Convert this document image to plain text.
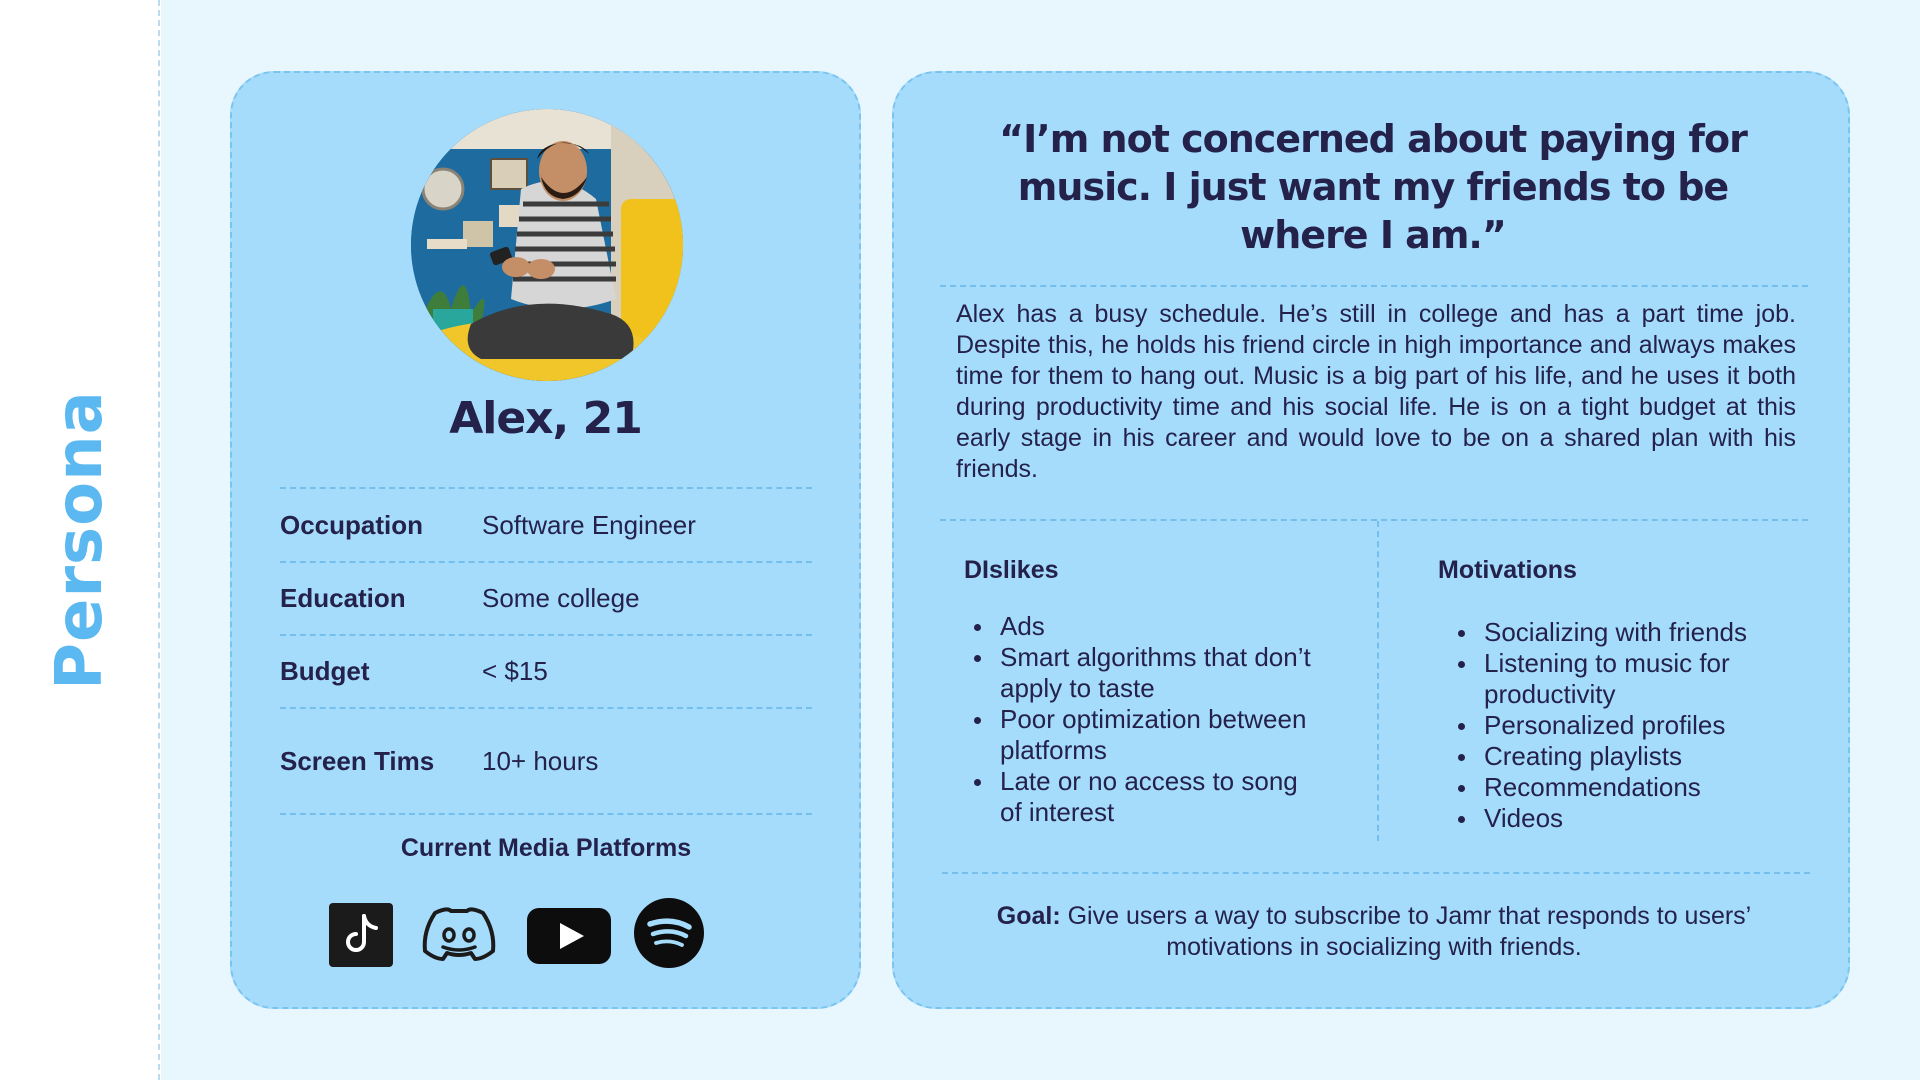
Persona	Alex, 21
Occupation	Software Engineer
Education	Some college
Budget	< $15
Screen Tims	10+ hours
Current Media Platforms
“I’m not concerned about paying for
music. I just want my friends to be
where I am.”
Alex has a busy schedule. He’s still in college and has a part time job. Despite this, he holds his friend circle in high importance and always makes time for them to hang out. Music is a big part of his life, and he uses it both during productivity time and his social life. He is on a tight budget at this early stage in his career and would love to be on a shared plan with his friends.
DIslikes
Ads
Smart algorithms that don’t apply to taste
Poor optimization between platforms
Late or no access to song of interest
Motivations
Socializing with friends
Listening to music for productivity
Personalized profiles
Creating playlists
Recommendations
Videos
Goal: Give users a way to subscribe to Jamr that responds to users’ motivations in socializing with friends.
